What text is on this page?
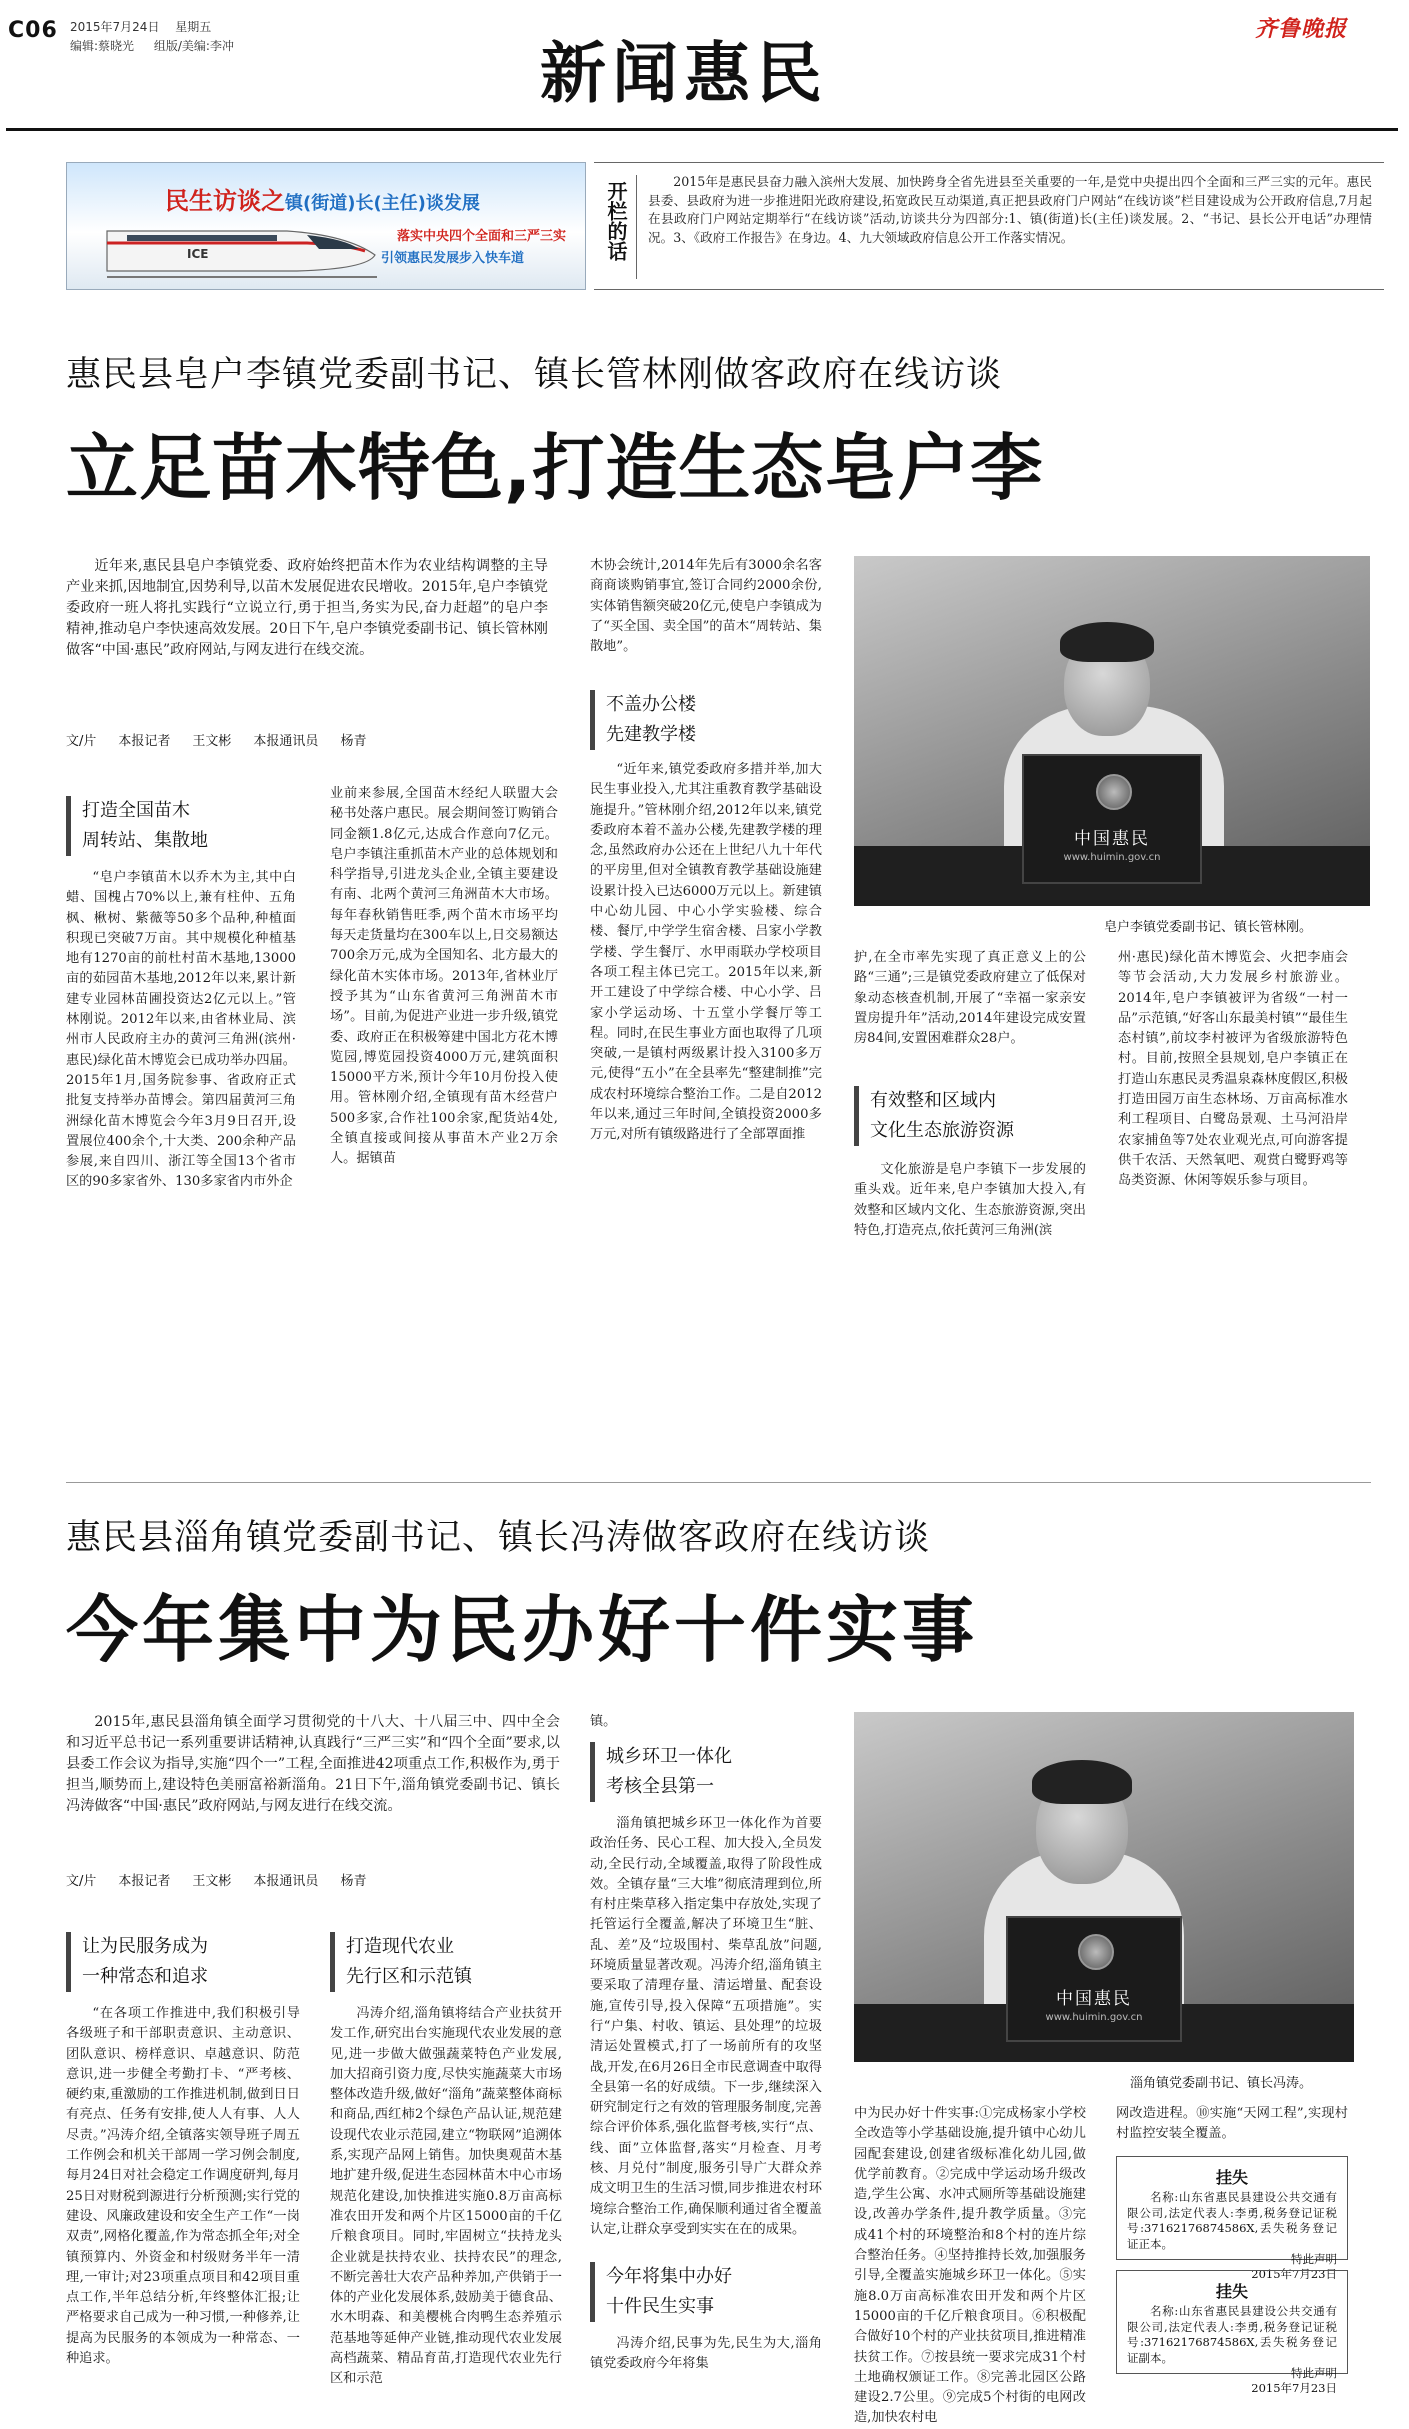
C06 2015年7月24日 星期五
编辑:蔡晓光 组版/美编:李冲	新闻惠民
齐鲁晚报
ICE
民生访谈之镇(街道)长(主任)谈发展
落实中央四个全面和三严三实
引领惠民发展步入快车道	开栏的话	2015年是惠民县奋力融入滨州大发展、加快跨身全省先进县至关重要的一年,是党中央提出四个全面和三严三实的元年。惠民县委、县政府为进一步推进阳光政府建设,拓宽政民互动渠道,真正把县政府门户网站“在线访谈”栏目建设成为公开政府信息,7月起在县政府门户网站定期举行“在线访谈”活动,访谈共分为四部分:1、镇(街道)长(主任)谈发展。2、“书记、县长公开电话”办理情况。3、《政府工作报告》在身边。4、九大领域政府信息公开工作落实情况。
惠民县皂户李镇党委副书记、镇长管林刚做客政府在线访谈
立足苗木特色,打造生态皂户李

近年来,惠民县皂户李镇党委、政府始终把苗木作为农业结构调整的主导产业来抓,因地制宜,因势利导,以苗木发展促进农民增收。2015年,皂户李镇党委政府一班人将扎实践行“立说立行,勇于担当,务实为民,奋力赶超”的皂户李精神,推动皂户李快速高效发展。20日下午,皂户李镇党委副书记、镇长管林刚做客“中国·惠民”政府网站,与网友进行在线交流。

文/片 本报记者 王文彬 本报通讯员 杨青
打造全国苗木
周转站、集散地

“皂户李镇苗木以乔木为主,其中白蜡、国槐占70%以上,兼有柱仲、五角枫、楸树、紫薇等50多个品种,种植面积现已突破7万亩。其中规模化种植基地有1270亩的前杜村苗木基地,13000亩的茹园苗木基地,2012年以来,累计新建专业园林苗圃投资达2亿元以上。”管林刚说。2012年以来,由省林业局、滨州市人民政府主办的黄河三角洲(滨州·惠民)绿化苗木博览会已成功举办四届。2015年1月,国务院参事、省政府正式批复支持举办苗博会。第四届黄河三角洲绿化苗木博览会今年3月9日召开,设置展位400余个,十大类、200余种产品参展,来自四川、浙江等全国13个省市区的90多家省外、130多家省内市外企

业前来参展,全国苗木经纪人联盟大会秘书处落户惠民。展会期间签订购销合同金额1.8亿元,达成合作意向7亿元。皂户李镇注重抓苗木产业的总体规划和科学指导,引进龙头企业,全镇主要建设有南、北两个黄河三角洲苗木大市场。每年春秋销售旺季,两个苗木市场平均每天走货量均在300车以上,日交易额达700余万元,成为全国知名、北方最大的绿化苗木实体市场。2013年,省林业厅授予其为“山东省黄河三角洲苗木市场”。目前,为促进产业进一步升级,镇党委、政府正在积极筹建中国北方花木博览园,博览园投资4000万元,建筑面积15000平方米,预计今年10月份投入使用。管林刚介绍,全镇现有苗木经营户500多家,合作社100余家,配货站4处,全镇直接或间接从事苗木产业2万余人。据镇苗

木协会统计,2014年先后有3000余名客商商谈购销事宜,签订合同约2000余份,实体销售额突破20亿元,使皂户李镇成为了“买全国、卖全国”的苗木“周转站、集散地”。

不盖办公楼
先建教学楼

“近年来,镇党委政府多措并举,加大民生事业投入,尤其注重教育教学基础设施提升。”管林刚介绍,2012年以来,镇党委政府本着不盖办公楼,先建教学楼的理念,虽然政府办公还在上世纪八九十年代的平房里,但对全镇教育教学基础设施建设累计投入已达6000万元以上。新建镇中心幼儿园、中心小学实验楼、综合楼、餐厅,中学学生宿舍楼、吕家小学教学楼、学生餐厅、水甲雨联办学校项目各项工程主体已完工。2015年以来,新开工建设了中学综合楼、中心小学、吕家小学运动场、十五堂小学餐厅等工程。同时,在民生事业方面也取得了几项突破,一是镇村两级累计投入3100多万元,使得“五小”在全县率先“整建制推”完成农村环境综合整治工作。二是自2012年以来,通过三年时间,全镇投资2000多万元,对所有镇级路进行了全部罩面推

中国惠民
www.huimin.gov.cn
皂户李镇党委副书记、镇长管林刚。

护,在全市率先实现了真正意义上的公路“三通”;三是镇党委政府建立了低保对象动态核查机制,开展了“幸福一家亲安置房提升年”活动,2014年建设完成安置房84间,安置困难群众28户。

有效整和区域内
文化生态旅游资源

文化旅游是皂户李镇下一步发展的重头戏。近年来,皂户李镇加大投入,有效整和区域内文化、生态旅游资源,突出特色,打造亮点,依托黄河三角洲(滨

州·惠民)绿化苗木博览会、火把李庙会等节会活动,大力发展乡村旅游业。2014年,皂户李镇被评为省级“一村一品”示范镇,“好客山东最美村镇”“最佳生态村镇”,前坟李村被评为省级旅游特色村。目前,按照全县规划,皂户李镇正在打造山东惠民灵秀温泉森林度假区,积极打造田园万亩生态林场、万亩高标准水利工程项目、白鹭岛景观、土马河沿岸农家捕鱼等7处农业观光点,可向游客提供千农活、天然氧吧、观赏白鹭野鸡等岛类资源、休闲等娱乐参与项目。

惠民县淄角镇党委副书记、镇长冯涛做客政府在线访谈
今年集中为民办好十件实事

2015年,惠民县淄角镇全面学习贯彻党的十八大、十八届三中、四中全会和习近平总书记一系列重要讲话精神,认真践行“三严三实”和“四个全面”要求,以县委工作会议为指导,实施“四个一”工程,全面推进42项重点工作,积极作为,勇于担当,顺势而上,建设特色美丽富裕新淄角。21日下午,淄角镇党委副书记、镇长冯涛做客“中国·惠民”政府网站,与网友进行在线交流。

文/片 本报记者 王文彬 本报通讯员 杨青
让为民服务成为
一种常态和追求

“在各项工作推进中,我们积极引导各级班子和干部职责意识、主动意识、团队意识、榜样意识、卓越意识、防范意识,进一步健全考勤打卡、“严考核、硬约束,重激励的工作推进机制,做到日日有亮点、任务有安排,使人人有事、人人尽责。”冯涛介绍,全镇落实领导班子周五工作例会和机关干部周一学习例会制度,每月24日对社会稳定工作调度研判,每月25日对财税到源进行分析预测;实行党的建设、风廉政建设和安全生产工作“一岗双责”,网格化覆盖,作为常态抓全年;对全镇预算内、外资金和村级财务半年一清理,一审计;对23项重点项目和42项目重点工作,半年总结分析,年终整体汇报;让严格要求自己成为一种习惯,一种修养,让提高为民服务的本领成为一种常态、一种追求。

打造现代农业
先行区和示范镇

冯涛介绍,淄角镇将结合产业扶贫开发工作,研究出台实施现代农业发展的意见,进一步做大做强蔬菜特色产业发展,加大招商引资力度,尽快实施蔬菜大市场整体改造升级,做好“淄角”蔬菜整体商标和商品,西红柿2个绿色产品认证,规范建设现代农业示范园,建立“物联网”追溯体系,实现产品网上销售。加快奥观苗木基地扩建升级,促进生态园林苗木中心市场规范化建设,加快推进实施0.8万亩高标准农田开发和两个片区15000亩的千亿斤粮食项目。同时,牢固树立“扶持龙头企业就是扶持农业、扶持农民”的理念,不断完善壮大农产品种养加,产供销于一体的产业化发展体系,鼓励美于德食品、水木明森、和美樱桃合肉鸭生态养殖示范基地等延伸产业链,推动现代农业发展高档蔬菜、精品育苗,打造现代农业先行区和示范

镇。

城乡环卫一体化
考核全县第一

淄角镇把城乡环卫一体化作为首要政治任务、民心工程、加大投入,全员发动,全民行动,全域覆盖,取得了阶段性成效。全镇存量“三大堆”彻底清理到位,所有村庄柴草移入指定集中存放处,实现了托管运行全覆盖,解决了环境卫生“脏、乱、差”及“垃圾围村、柴草乱放”问题,环境质量显著改观。冯涛介绍,淄角镇主要采取了清理存量、清运增量、配套设施,宣传引导,投入保障“五项措施”。实行“户集、村收、镇运、县处理”的垃圾清运处置模式,打了一场前所有的攻坚战,开发,在6月26日全市民意调查中取得全县第一名的好成绩。下一步,继续深入研究制定行之有效的管理服务制度,完善综合评价体系,强化监督考核,实行“点、线、面”立体监督,落实“月检查、月考核、月兑付”制度,服务引导广大群众养成文明卫生的生活习惯,同步推进农村环境综合整治工作,确保顺利通过省全覆盖认定,让群众享受到实实在在的成果。

今年将集中办好
十件民生实事

冯涛介绍,民事为先,民生为大,淄角镇党委政府今年将集

中国惠民
www.huimin.gov.cn
淄角镇党委副书记、镇长冯涛。

中为民办好十件实事:①完成杨家小学校全改造等小学基础设施,提升镇中心幼儿园配套建设,创建省级标准化幼儿园,做优学前教育。②完成中学运动场升级改造,学生公寓、水冲式厕所等基础设施建设,改善办学条件,提升教学质量。③完成41个村的环境整治和8个村的连片综合整治任务。④坚持推持长效,加强服务引导,全覆盖实施城乡环卫一体化。⑤实施8.0万亩高标准农田开发和两个片区15000亩的千亿斤粮食项目。⑥积极配合做好10个村的产业扶贫项目,推进精准扶贫工作。⑦按县统一要求完成31个村土地确权颁证工作。⑧完善北园区公路建设2.7公里。⑨完成5个村街的电网改造,加快农村电

网改造进程。⑩实施“天网工程”,实现村村监控安装全覆盖。

挂失
名称:山东省惠民县建设公共交通有限公司,法定代表人:李勇,税务登记证税号:37162176874586X,丢失税务登记证正本。
特此声明
2015年7月23日
挂失
名称:山东省惠民县建设公共交通有限公司,法定代表人:李勇,税务登记证税号:37162176874586X,丢失税务登记证副本。
特此声明
2015年7月23日
